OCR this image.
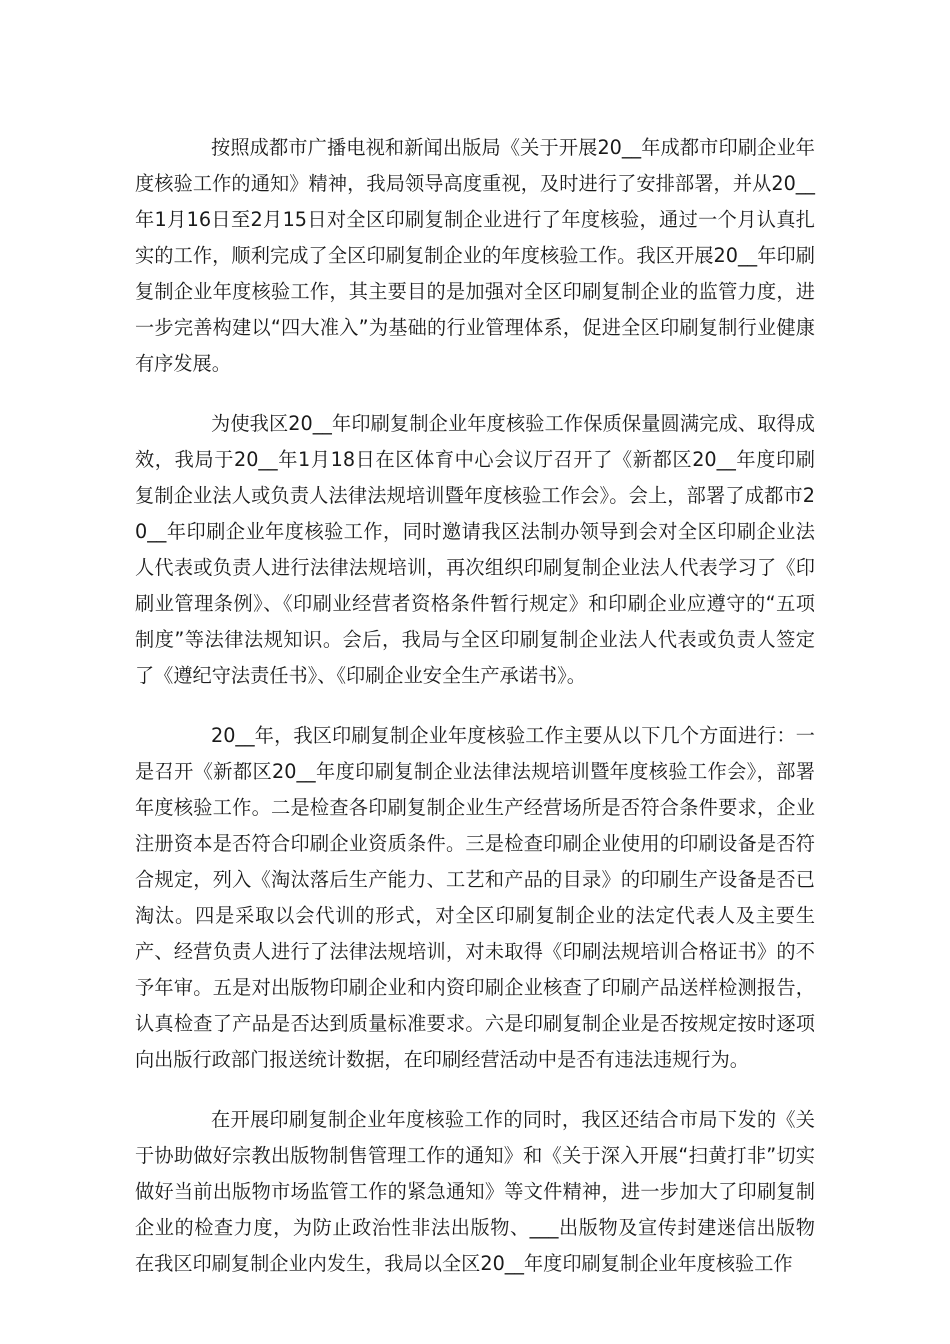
按照成都市广播电视和新闻出版局《关于开展20__年成都市印刷企业年度核验工作的通知》精神，我局领导高度重视，及时进行了安排部署，并从20__年1月16日至2月15日对全区印刷复制企业进行了年度核验，通过一个月认真扎实的工作，顺利完成了全区印刷复制企业的年度核验工作。我区开展20__年印刷复制企业年度核验工作，其主要目的是加强对全区印刷复制企业的监管力度，进一步完善构建以“四大准入”为基础的行业管理体系，促进全区印刷复制行业健康有序发展。

为使我区20__年印刷复制企业年度核验工作保质保量圆满完成、取得成效，我局于20__年1月18日在区体育中心会议厅召开了《新都区20__年度印刷复制企业法人或负责人法律法规培训暨年度核验工作会》。会上，部署了成都市20__年印刷企业年度核验工作，同时邀请我区法制办领导到会对全区印刷企业法人代表或负责人进行法律法规培训，再次组织印刷复制企业法人代表学习了《印刷业管理条例》、《印刷业经营者资格条件暂行规定》和印刷企业应遵守的“五项制度”等法律法规知识。会后，我局与全区印刷复制企业法人代表或负责人签定了《遵纪守法责任书》、《印刷企业安全生产承诺书》。

20__年，我区印刷复制企业年度核验工作主要从以下几个方面进行：一是召开《新都区20__年度印刷复制企业法律法规培训暨年度核验工作会》，部署年度核验工作。二是检查各印刷复制企业生产经营场所是否符合条件要求，企业注册资本是否符合印刷企业资质条件。三是检查印刷企业使用的印刷设备是否符合规定，列入《淘汰落后生产能力、工艺和产品的目录》的印刷生产设备是否已淘汰。四是采取以会代训的形式，对全区印刷复制企业的法定代表人及主要生产、经营负责人进行了法律法规培训，对未取得《印刷法规培训合格证书》的不予年审。五是对出版物印刷企业和内资印刷企业核查了印刷产品送样检测报告，认真检查了产品是否达到质量标准要求。六是印刷复制企业是否按规定按时逐项向出版行政部门报送统计数据，在印刷经营活动中是否有违法违规行为。

在开展印刷复制企业年度核验工作的同时，我区还结合市局下发的《关于协助做好宗教出版物制售管理工作的通知》和《关于深入开展“扫黄打非”切实做好当前出版物市场监管工作的紧急通知》等文件精神，进一步加大了印刷复制企业的检查力度，为防止政治性非法出版物、___出版物及宣传封建迷信出版物在我区印刷复制企业内发生，我局以全区20__年度印刷复制企业年度核验工作
